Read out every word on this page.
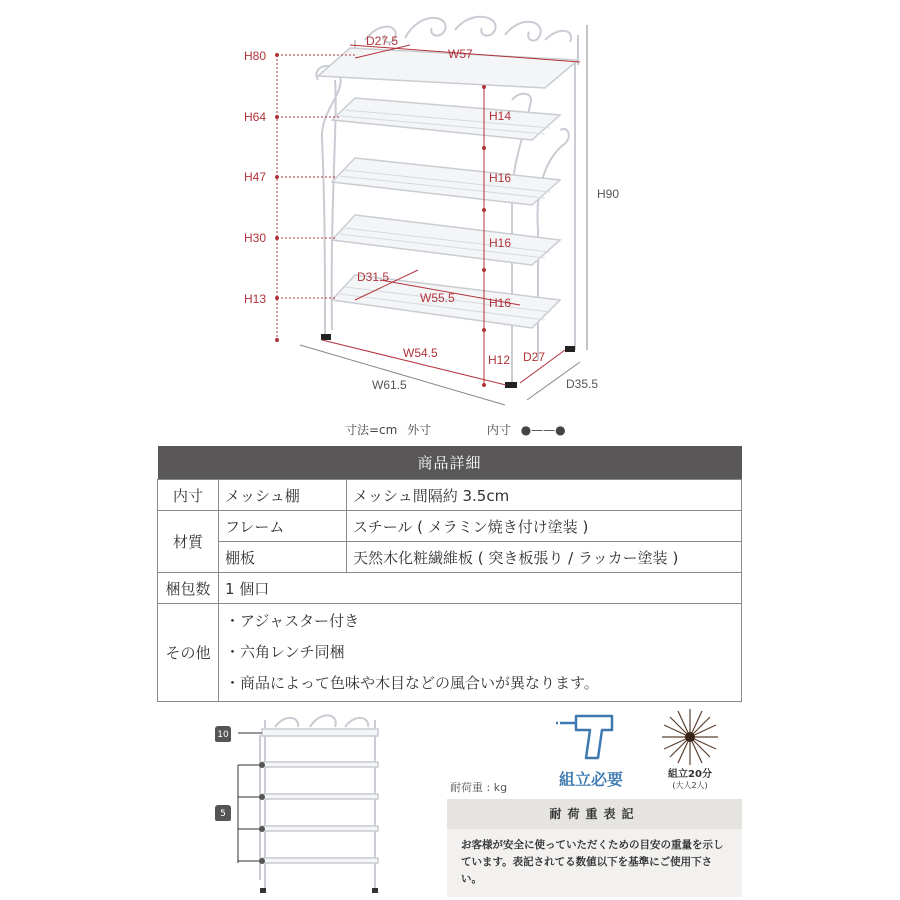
H80
H64
H47
H30
H13
D27.5
W57
H14
H16
H16
H16
H12
D31.5
W55.5
W54.5	D27
H90
W61.5	D35.5
寸法=cm 外寸	内寸 ●——●
商品詳細		
内寸	メッシュ棚	メッシュ間隔約 3.5cm
材質	フレーム	スチール ( メラミン焼き付け塗装 )
	棚板	天然木化粧繊維板 ( 突き板張り / ラッカー塗装 )
梱包数	1 個口	
その他	・アジャスター付き
・六角レンチ同梱
・商品によって色味や木目などの風合いが異なります。	
10
5
耐荷重 : kg	組立必要	組立20分
(大人2人)
耐荷重表記
お客様が安全に使っていただくための目安の重量を示しています。表記されてる数値以下を基準にご使用下さい。
